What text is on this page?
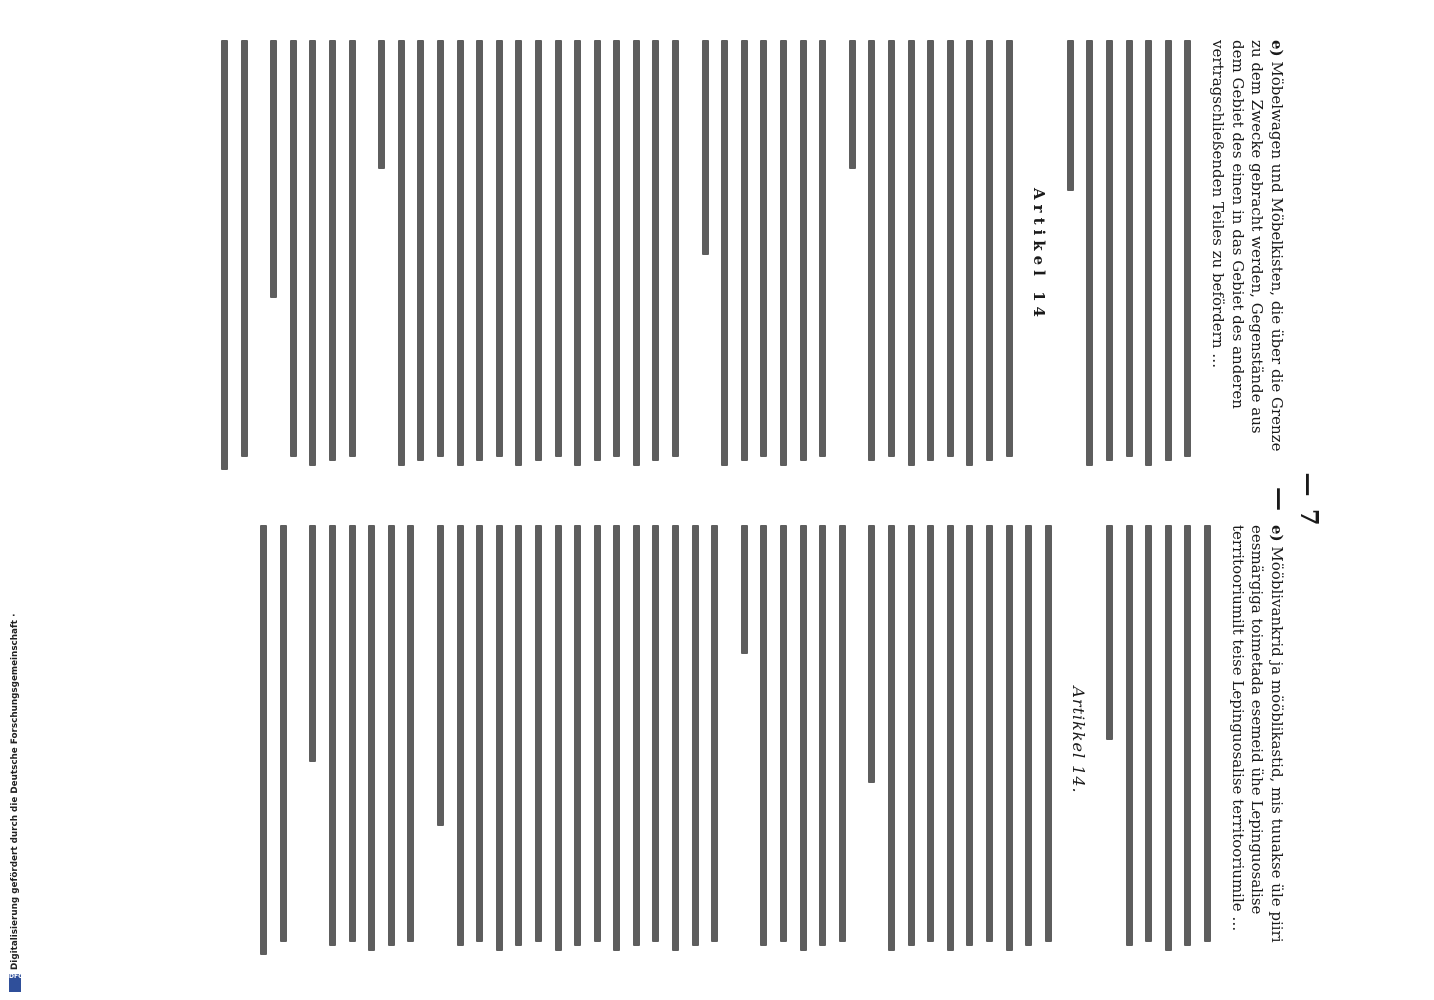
— 7 —
e) Möbelwagen und Möbelkisten, die über die Grenze zu dem Zwecke gebracht werden, Gegenstände aus dem Gebiet des einen in das Gebiet des anderen vertragschließenden Teiles zu befördern …
Artikel 14
e) Mööblivankrid ja mööblikastid, mis tuuakse üle piiri eesmärgiga toimetada esemeid ühe Lepinguosalise territooriumilt teise Lepinguosalise territooriumile …
Artikkel 14.
Digitalisierung gefördert durch die Deutsche Forschungsgemeinschaft ·
DFG
